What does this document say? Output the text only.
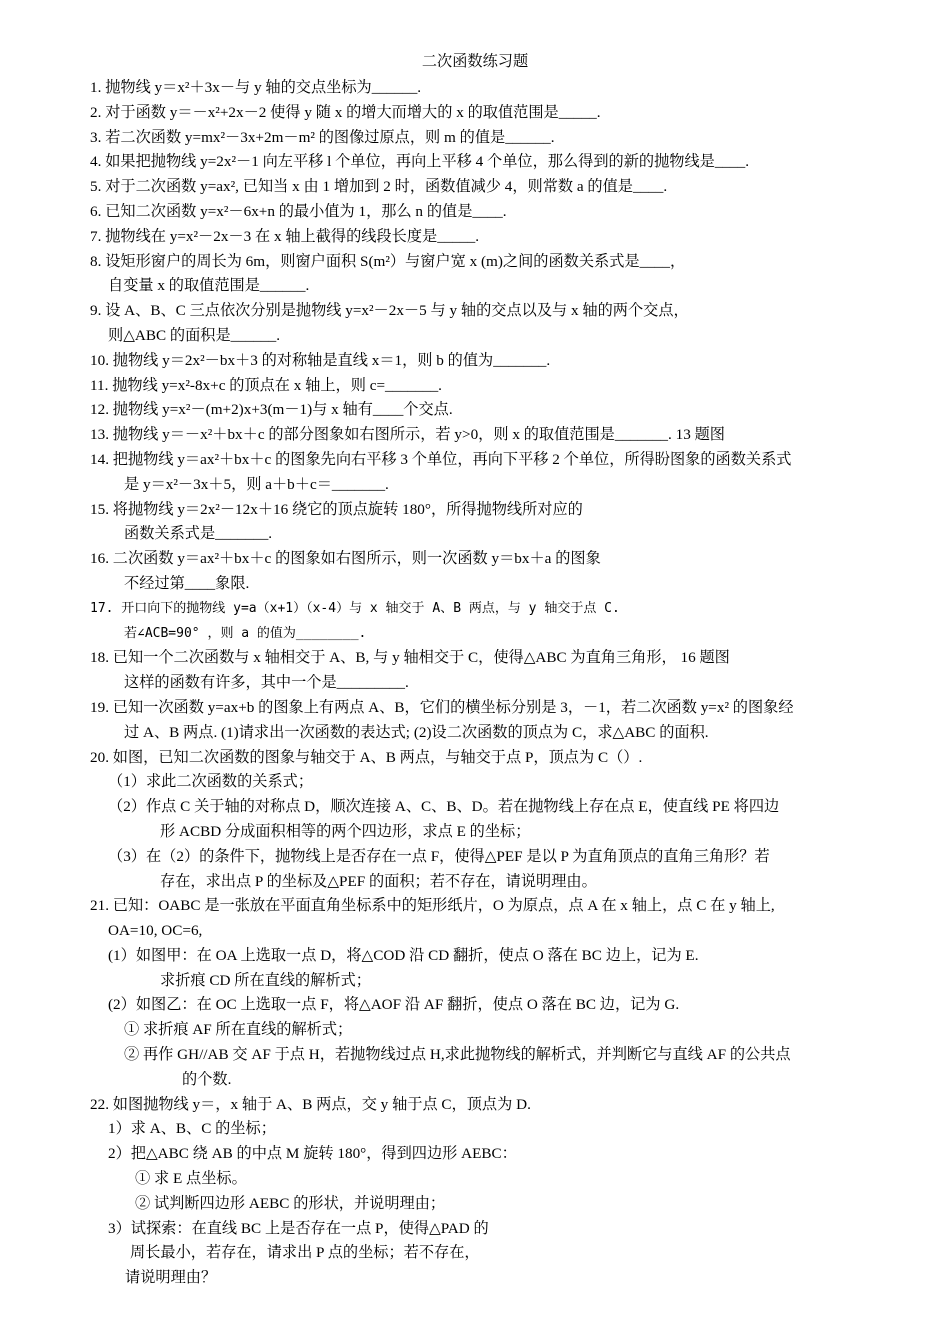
二次函数练习题
1. 抛物线 y＝x²＋3x－与 y 轴的交点坐标为______.
2. 对于函数 y＝－x²+2x－2 使得 y 随 x 的增大而增大的 x 的取值范围是_____.
3. 若二次函数 y=mx²－3x+2m－m² 的图像过原点，则 m 的值是______.
4. 如果把抛物线 y=2x²－1 向左平移 l 个单位，再向上平移 4 个单位，那么得到的新的抛物线是____.
5. 对于二次函数 y=ax², 已知当 x 由 1 增加到 2 时，函数值减少 4，则常数 a 的值是____.
6. 已知二次函数 y=x²－6x+n 的最小值为 1，那么 n 的值是____.
7. 抛物线在 y=x²－2x－3 在 x 轴上截得的线段长度是_____.
8. 设矩形窗户的周长为 6m，则窗户面积 S(m²）与窗户宽 x (m)之间的函数关系式是____，
自变量 x 的取值范围是______.
9. 设 A、B、C 三点依次分别是抛物线 y=x²－2x－5 与 y 轴的交点以及与 x 轴的两个交点，
则△ABC 的面积是______.
10. 抛物线 y＝2x²－bx＋3 的对称轴是直线 x＝1，则 b 的值为_______.
11. 抛物线 y=x²-8x+c 的顶点在 x 轴上，则 c=_______.
12. 抛物线 y=x²－(m+2)x+3(m－1)与 x 轴有____个交点.
13. 抛物线 y＝－x²＋bx＋c 的部分图象如右图所示，若 y>0，则 x 的取值范围是_______. 13 题图
14. 把抛物线 y＝ax²＋bx＋c 的图象先向右平移 3 个单位，再向下平移 2 个单位，所得盼图象的函数关系式
是 y＝x²－3x＋5，则 a＋b＋c＝_______.
15. 将抛物线 y＝2x²－12x＋16 绕它的顶点旋转 180°，所得抛物线所对应的
函数关系式是_______.
16. 二次函数 y＝ax²＋bx＋c 的图象如右图所示，则一次函数 y＝bx＋a 的图象
不经过第____象限.
17. 开口向下的抛物线 y=a（x+1）（x-4）与 x 轴交于 A、B 两点，与 y 轴交于点 C.
若∠ACB=90° ，则 a 的值为________.
18. 已知一个二次函数与 x 轴相交于 A、B, 与 y 轴相交于 C，使得△ABC 为直角三角形， 16 题图
这样的函数有许多，其中一个是_________.
19. 已知一次函数 y=ax+b 的图象上有两点 A、B，它们的横坐标分别是 3，－1，若二次函数 y=x² 的图象经
过 A、B 两点. (1)请求出一次函数的表达式; (2)设二次函数的顶点为 C，求△ABC 的面积.
20. 如图，已知二次函数的图象与轴交于 A、B 两点，与轴交于点 P，顶点为 C（）.
（1）求此二次函数的关系式；
（2）作点 C 关于轴的对称点 D，顺次连接 A、C、B、D。若在抛物线上存在点 E，使直线 PE 将四边
形 ACBD 分成面积相等的两个四边形，求点 E 的坐标；
（3）在（2）的条件下，抛物线上是否存在一点 F，使得△PEF 是以 P 为直角顶点的直角三角形？若
存在，求出点 P 的坐标及△PEF 的面积；若不存在，请说明理由。
21. 已知：OABC 是一张放在平面直角坐标系中的矩形纸片，O 为原点，点 A 在 x 轴上，点 C 在 y 轴上,
OA=10, OC=6,
(1）如图甲：在 OA 上选取一点 D，将△COD 沿 CD 翻折，使点 O 落在 BC 边上，记为 E.
求折痕 CD 所在直线的解析式；
(2）如图乙：在 OC 上选取一点 F，将△AOF 沿 AF 翻折，使点 O 落在 BC 边，记为 G.
① 求折痕 AF 所在直线的解析式；
② 再作 GH//AB 交 AF 于点 H，若抛物线过点 H,求此抛物线的解析式，并判断它与直线 AF 的公共点
的个数.
22. 如图抛物线 y＝，x 轴于 A、B 两点，交 y 轴于点 C，顶点为 D.
1）求 A、B、C 的坐标；
2）把△ABC 绕 AB 的中点 M 旋转 180°，得到四边形 AEBC：
① 求 E 点坐标。
② 试判断四边形 AEBC 的形状，并说明理由；
3）试探索：在直线 BC 上是否存在一点 P，使得△PAD 的
周长最小，若存在，请求出 P 点的坐标；若不存在，
请说明理由？
